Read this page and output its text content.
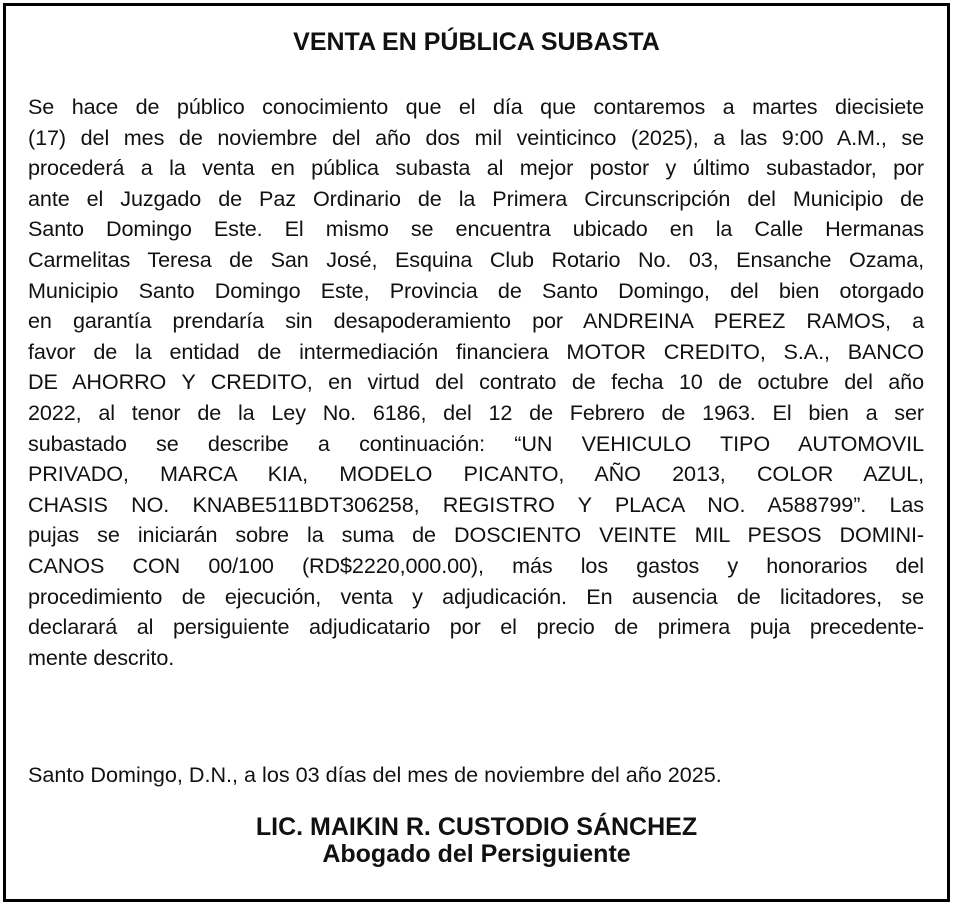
VENTA EN PÚBLICA SUBASTA

Se hace de público conocimiento que el día que contaremos a martes diecisiete
(17) del mes de noviembre del año dos mil veinticinco (2025), a las 9:00 A.M., se
procederá a la venta en pública subasta al mejor postor y último subastador, por
ante el Juzgado de Paz Ordinario de la Primera Circunscripción del Municipio de
Santo Domingo Este. El mismo se encuentra ubicado en la Calle Hermanas
Carmelitas Teresa de San José, Esquina Club Rotario No. 03, Ensanche Ozama,
Municipio Santo Domingo Este, Provincia de Santo Domingo, del bien otorgado
en garantía prendaría sin desapoderamiento por ANDREINA PEREZ RAMOS, a
favor de la entidad de intermediación financiera MOTOR CREDITO, S.A., BANCO
DE AHORRO Y CREDITO, en virtud del contrato de fecha 10 de octubre del año
2022, al tenor de la Ley No. 6186, del 12 de Febrero de 1963. El bien a ser
subastado se describe a continuación: “UN VEHICULO TIPO AUTOMOVIL
PRIVADO, MARCA KIA, MODELO PICANTO, AÑO 2013, COLOR AZUL,
CHASIS NO. KNABE511BDT306258, REGISTRO Y PLACA NO. A588799”. Las
pujas se iniciarán sobre la suma de DOSCIENTO VEINTE MIL PESOS DOMINI-
CANOS CON 00/100 (RD$2220,000.00), más los gastos y honorarios del
procedimiento de ejecución, venta y adjudicación. En ausencia de licitadores, se
declarará al persiguiente adjudicatario por el precio de primera puja precedente-
mente descrito.

Santo Domingo, D.N., a los 03 días del mes de noviembre del año 2025.
LIC. MAIKIN R. CUSTODIO SÁNCHEZ
Abogado del Persiguiente
